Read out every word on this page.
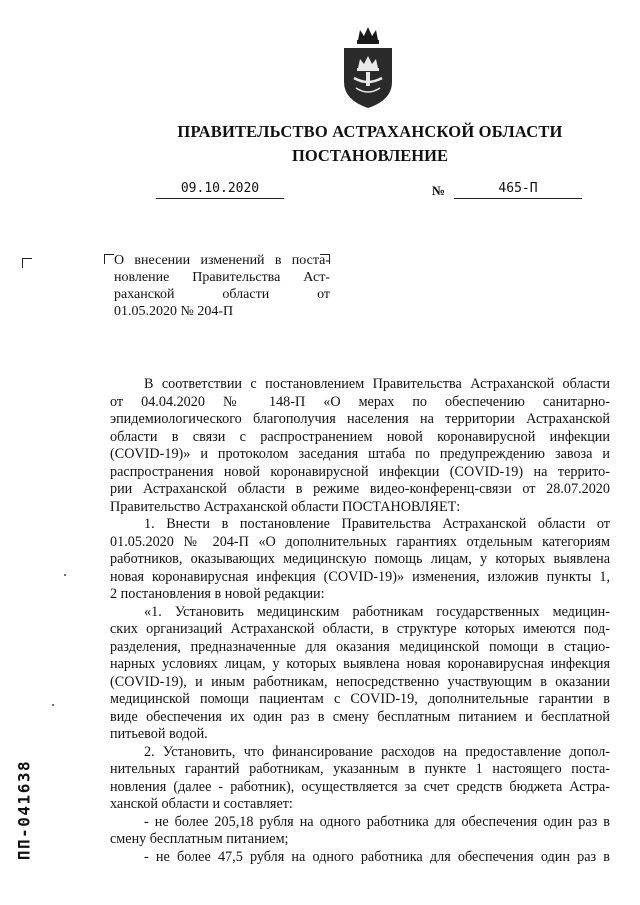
ПРАВИТЕЛЬСТВО АСТРАХАНСКОЙ ОБЛАСТИ
ПОСТАНОВЛЕНИЕ
09.10.2020	№	465-П

О внесении изменений в поста-

новление Правительства Аст-

раханской области от

01.05.2020 № 204-П

В соответствии с постановлением Правительства Астраханской области
от 04.04.2020 № 148-П «О мерах по обеспечению санитарно-
эпидемиологического благополучия населения на территории Астраханской
области в связи с распространением новой коронавирусной инфекции
(COVID-19)» и протоколом заседания штаба по предупреждению завоза и
распространения новой коронавирусной инфекции (COVID-19) на террито-
рии Астраханской области в режиме видео-конференц-связи от 28.07.2020
Правительство Астраханской области ПОСТАНОВЛЯЕТ:
1. Внести в постановление Правительства Астраханской области от
01.05.2020 № 204-П «О дополнительных гарантиях отдельным категориям
работников, оказывающих медицинскую помощь лицам, у которых выявлена
новая коронавирусная инфекция (COVID-19)» изменения, изложив пункты 1,
2 постановления в новой редакции:
«1. Установить медицинским работникам государственных медицин-
ских организаций Астраханской области, в структуре которых имеются под-
разделения, предназначенные для оказания медицинской помощи в стацио-
нарных условиях лицам, у которых выявлена новая коронавирусная инфекция
(COVID-19), и иным работникам, непосредственно участвующим в оказании
медицинской помощи пациентам с COVID-19, дополнительные гарантии в
виде обеспечения их один раз в смену бесплатным питанием и бесплатной
питьевой водой.
2. Установить, что финансирование расходов на предоставление допол-
нительных гарантий работникам, указанным в пункте 1 настоящего поста-
новления (далее - работник), осуществляется за счет средств бюджета Астра-
ханской области и составляет:
- не более 205,18 рубля на одного работника для обеспечения один раз в
смену бесплатным питанием;
- не более 47,5 рубля на одного работника для обеспечения один раз в
ПП-041638
